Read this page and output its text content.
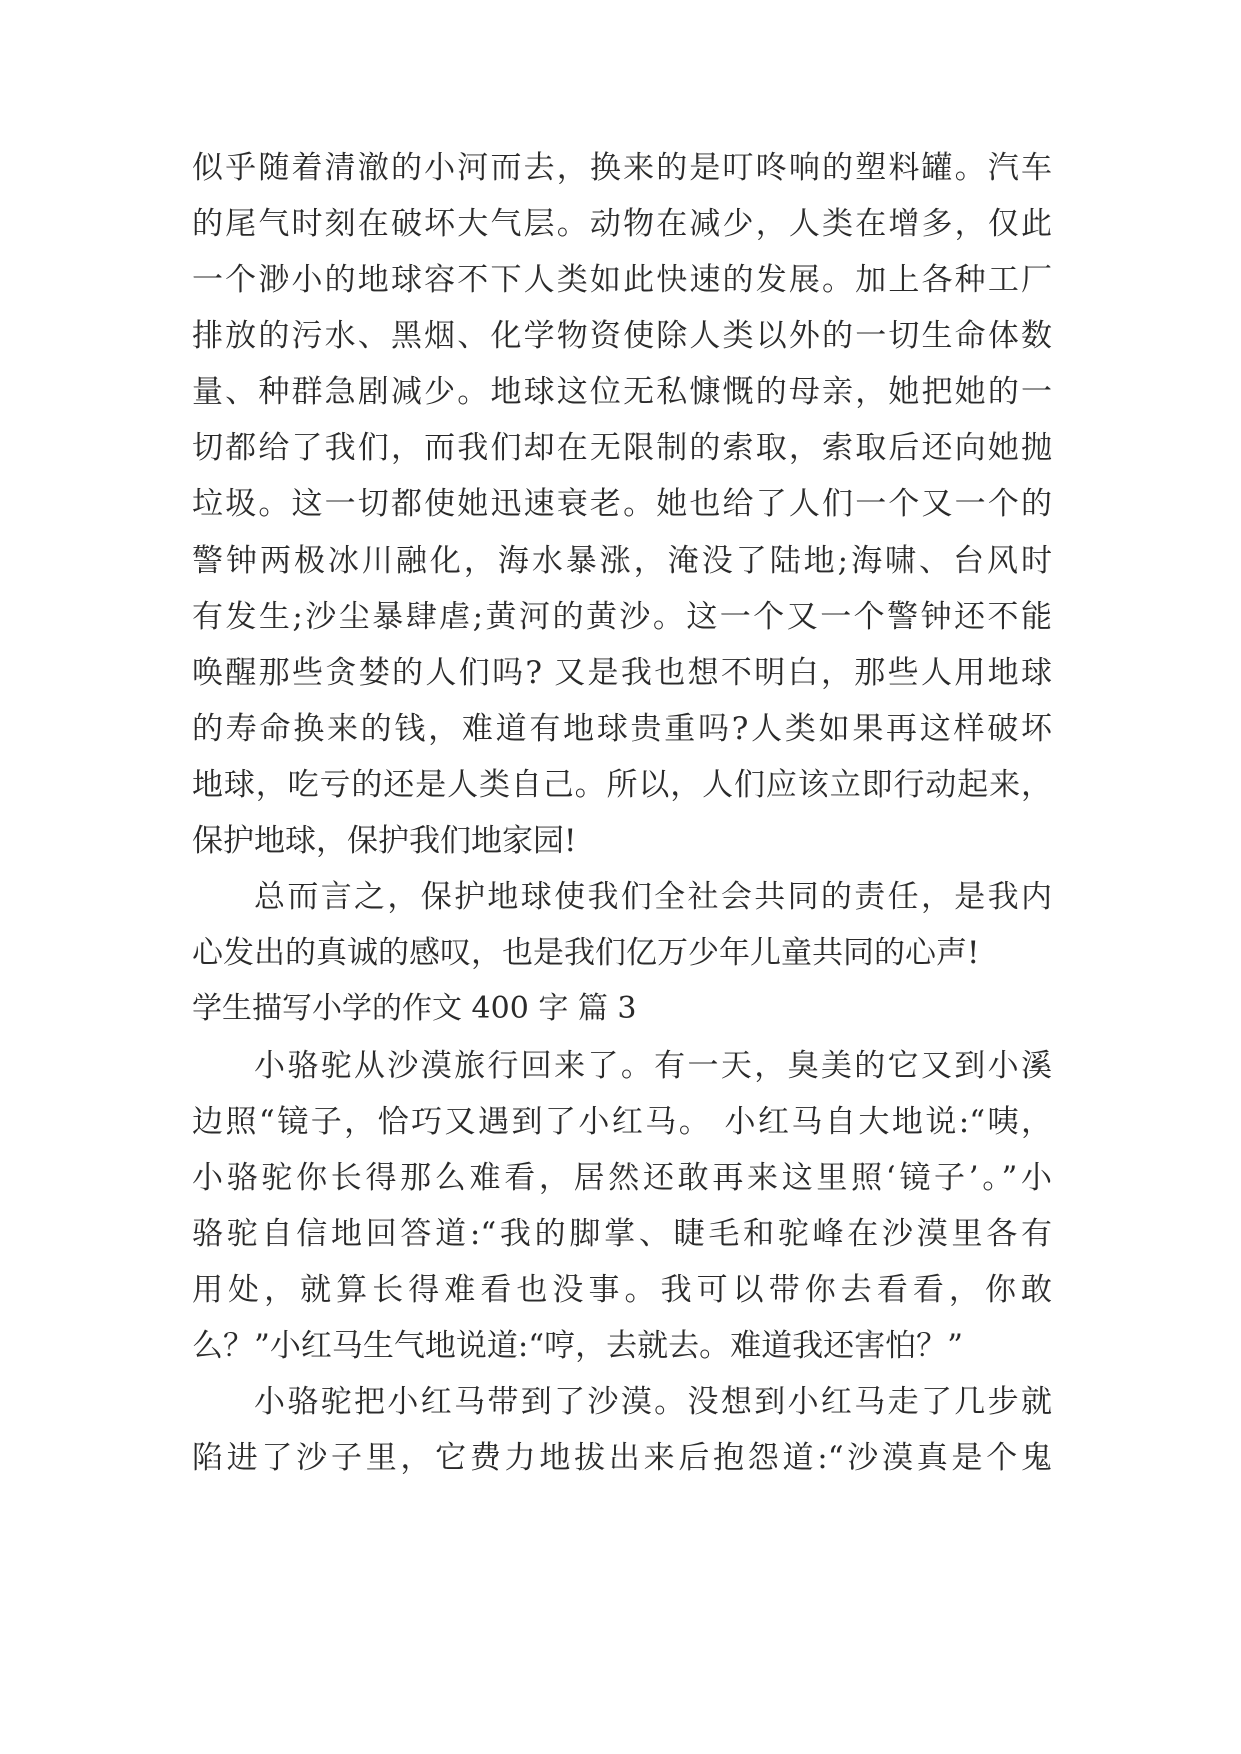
似乎随着清澈的小河而去，换来的是叮咚响的塑料罐。汽车
的尾气时刻在破坏大气层。动物在减少，人类在增多，仅此
一个渺小的地球容不下人类如此快速的发展。加上各种工厂
排放的污水、黑烟、化学物资使除人类以外的一切生命体数
量、种群急剧减少。地球这位无私慷慨的母亲，她把她的一
切都给了我们，而我们却在无限制的索取，索取后还向她抛
垃圾。这一切都使她迅速衰老。她也给了人们一个又一个的
警钟两极冰川融化，海水暴涨，淹没了陆地;海啸、台风时
有发生;沙尘暴肆虐;黄河的黄沙。这一个又一个警钟还不能
唤醒那些贪婪的人们吗? 又是我也想不明白，那些人用地球
的寿命换来的钱，难道有地球贵重吗?人类如果再这样破坏
地球，吃亏的还是人类自己。所以，人们应该立即行动起来，
保护地球，保护我们地家园!
总而言之，保护地球使我们全社会共同的责任，是我内
心发出的真诚的感叹，也是我们亿万少年儿童共同的心声!
学生描写小学的作文 400 字 篇 3
小骆驼从沙漠旅行回来了。有一天，臭美的它又到小溪
边照“镜子，恰巧又遇到了小红马。 小红马自大地说:“咦，
小骆驼你长得那么难看，居然还敢再来这里照‘镜子’。”小
骆驼自信地回答道:“我的脚掌、睫毛和驼峰在沙漠里各有
用处，就算长得难看也没事。我可以带你去看看，你敢
么？”小红马生气地说道:“哼，去就去。难道我还害怕？”
小骆驼把小红马带到了沙漠。没想到小红马走了几步就
陷进了沙子里，它费力地拔出来后抱怨道:“沙漠真是个鬼
